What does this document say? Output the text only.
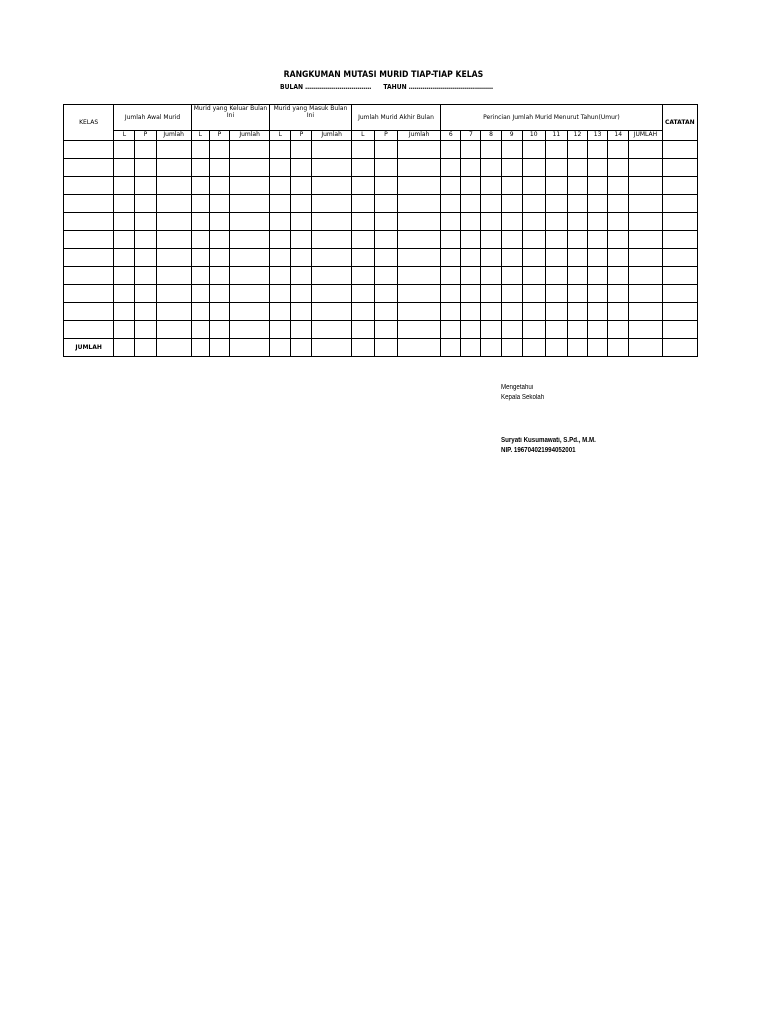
RANGKUMAN MUTASI MURID TIAP-TIAP KELAS
BULAN …………………………… TAHUN ……………………………………
KELAS	Jumlah Awal Murid			Murid yang Keluar Bulan Ini			Murid yang Masuk Bulan Ini			Jumlah Murid Akhir Bulan			Perincian Jumlah Murid Menurut Tahun(Umur)										CATATAN
	L	P	Jumlah	L	P	Jumlah	L	P	Jumlah	L	P	Jumlah	6	7	8	9	10	11	12	13	14	JUMLAH	

JUMLAH																							
Mengetahui
Kepala Sekolah
Suryati Kusumawati, S.Pd., M.M.
NIP. 196704021994052001
